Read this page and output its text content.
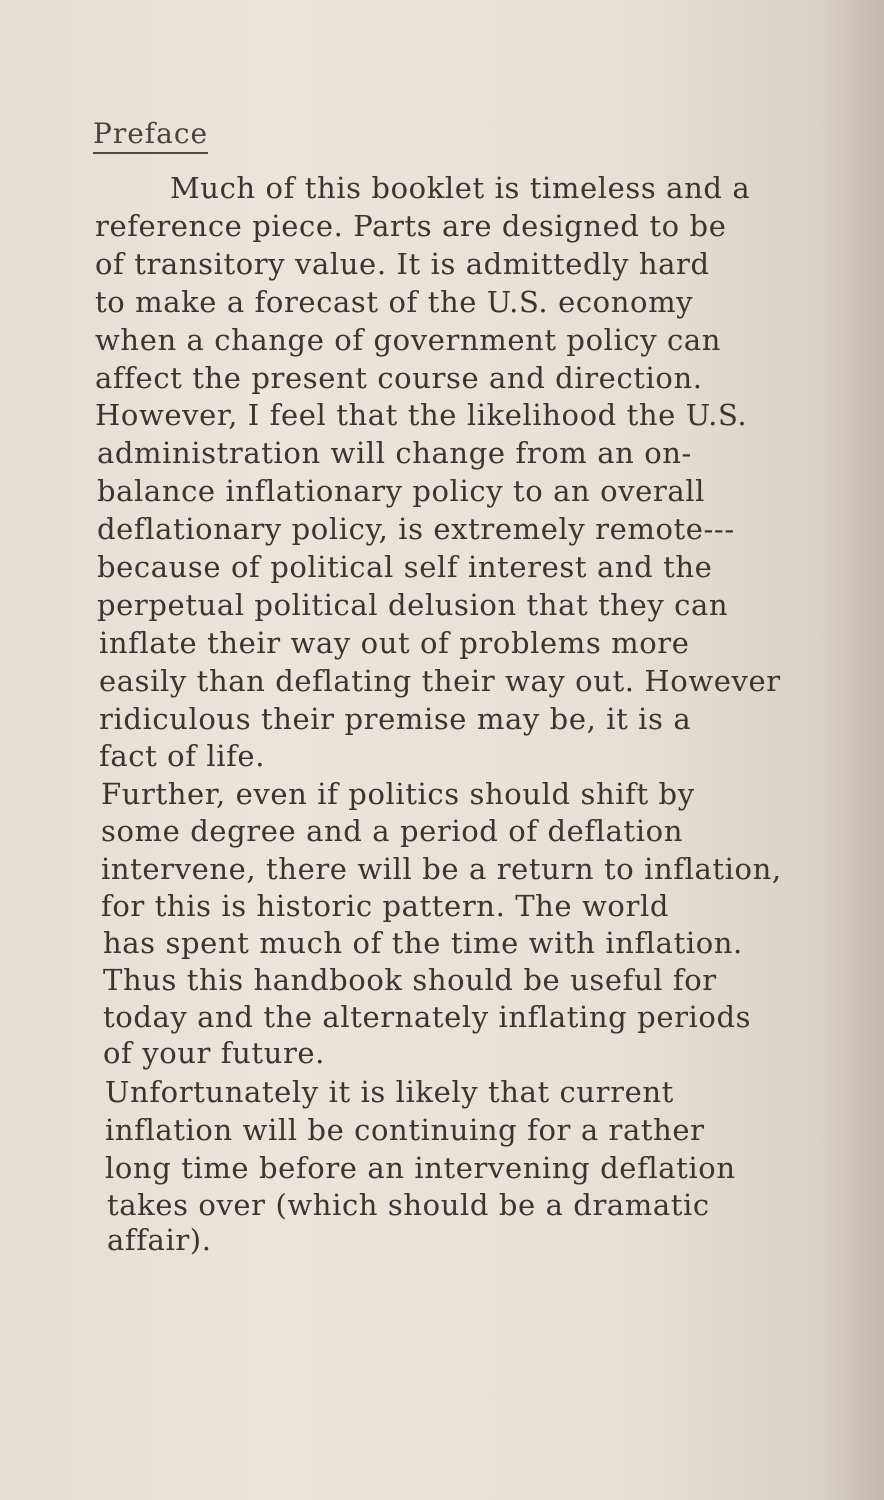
Preface
Much of this booklet is timeless and a
reference piece. Parts are designed to be
of transitory value. It is admittedly hard
to make a forecast of the U.S. economy
when a change of government policy can
affect the present course and direction.
However, I feel that the likelihood the U.S.
administration will change from an on-
balance inflationary policy to an overall
deflationary policy, is extremely remote---
because of political self interest and the
perpetual political delusion that they can
inflate their way out of problems more
easily than deflating their way out. However
ridiculous their premise may be, it is a
fact of life.
Further, even if politics should shift by
some degree and a period of deflation
intervene, there will be a return to inflation,
for this is historic pattern. The world
has spent much of the time with inflation.
Thus this handbook should be useful for
today and the alternately inflating periods
of your future.
Unfortunately it is likely that current
inflation will be continuing for a rather
long time before an intervening deflation
takes over (which should be a dramatic
affair).
